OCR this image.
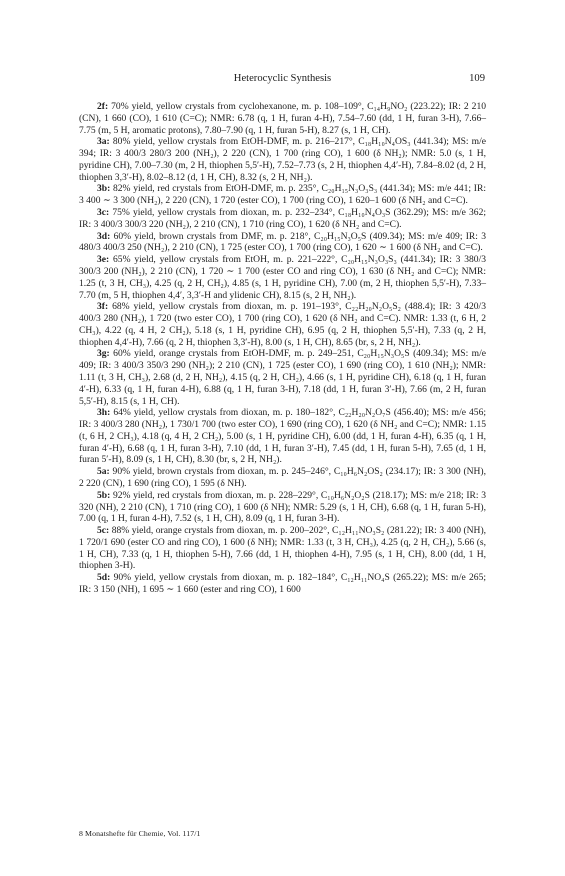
Heterocyclic Synthesis	109

2f: 70% yield, yellow crystals from cyclohexanone, m. p. 108–109°, C₁₄H₉NO₂ (223.22); IR: 2 210 (CN), 1 660 (CO), 1 610 (C=C); NMR: 6.78 (q, 1 H, furan 4-H), 7.54–7.60 (dd, 1 H, furan 3-H), 7.66–7.75 (m, 5 H, aromatic protons), 7.80–7.90 (q, 1 H, furan 5-H), 8.27 (s, 1 H, CH).

3a: 80% yield, yellow crystals from EtOH-DMF, m. p. 216–217°, C₁₈H₁₀N₄OS₃ (441.34); MS: m/e 394; IR: 3 400/3 280/3 200 (NH₂), 2 220 (CN), 1 700 (ring CO), 1 600 (δ NH₂); NMR: 5.0 (s, 1 H, pyridine CH), 7.00–7.30 (m, 2 H, thiophen 5,5′-H), 7.52–7.73 (s, 2 H, thiophen 4,4′-H), 7.84–8.02 (d, 2 H, thiophen 3,3′-H), 8.02–8.12 (d, 1 H, CH), 8.32 (s, 2 H, NH₂).

3b: 82% yield, red crystals from EtOH-DMF, m. p. 235°, C₂₀H₁₅N₃O₃S₃ (441.34); MS: m/e 441; IR: 3 400 ∼ 3 300 (NH₂), 2 220 (CN), 1 720 (ester CO), 1 700 (ring CO), 1 620–1 600 (δ NH₂ and C=C).

3c: 75% yield, yellow crystals from dioxan, m. p. 232–234°, C₁₈H₁₀N₄O₃S (362.29); MS: m/e 362; IR: 3 400/3 300/3 220 (NH₂), 2 210 (CN), 1 710 (ring CO), 1 620 (δ NH₂ and C=C).

3d: 60% yield, brown crystals from DMF, m. p. 218°, C₂₀H₁₅N₃O₅S (409.34); MS: m/e 409; IR: 3 480/3 400/3 250 (NH₂), 2 210 (CN), 1 725 (ester CO), 1 700 (ring CO), 1 620 ∼ 1 600 (δ NH₂ and C=C).

3e: 65% yield, yellow crystals from EtOH, m. p. 221–222°, C₂₀H₁₅N₃O₃S₃ (441.34); IR: 3 380/3 300/3 200 (NH₂), 2 210 (CN), 1 720 ∼ 1 700 (ester CO and ring CO), 1 630 (δ NH₂ and C=C); NMR: 1.25 (t, 3 H, CH₃), 4.25 (q, 2 H, CH₂), 4.85 (s, 1 H, pyridine CH), 7.00 (m, 2 H, thiophen 5,5′-H), 7.33–7.70 (m, 5 H, thiophen 4,4′, 3,3′-H and ylidenic CH), 8.15 (s, 2 H, NH₂).

3f: 68% yield, yellow crystals from dioxan, m. p. 191–193°, C₂₂H₂₀N₂O₅S₂ (488.4); IR: 3 420/3 400/3 280 (NH₂), 1 720 (two ester CO), 1 700 (ring CO), 1 620 (δ NH₂ and C=C). NMR: 1.33 (t, 6 H, 2 CH₃), 4.22 (q, 4 H, 2 CH₂), 5.18 (s, 1 H, pyridine CH), 6.95 (q, 2 H, thiophen 5,5′-H), 7.33 (q, 2 H, thiophen 4,4′-H), 7.66 (q, 2 H, thiophen 3,3′-H), 8.00 (s, 1 H, CH), 8.65 (br, s, 2 H, NH₂).

3g: 60% yield, orange crystals from EtOH-DMF, m. p. 249–251, C₂₀H₁₅N₃O₅S (409.34); MS: m/e 409; IR: 3 400/3 350/3 290 (NH₂); 2 210 (CN), 1 725 (ester CO), 1 690 (ring CO), 1 610 (NH₂); NMR: 1.11 (t, 3 H, CH₃), 2.68 (d, 2 H, NH₂), 4.15 (q, 2 H, CH₂), 4.66 (s, 1 H, pyridine CH), 6.18 (q, 1 H, furan 4′-H), 6.33 (q, 1 H, furan 4-H), 6.88 (q, 1 H, furan 3-H), 7.18 (dd, 1 H, furan 3′-H), 7.66 (m, 2 H, furan 5,5′-H), 8.15 (s, 1 H, CH).

3h: 64% yield, yellow crystals from dioxan, m. p. 180–182°, C₂₂H₂₀N₂O₇S (456.40); MS: m/e 456; IR: 3 400/3 280 (NH₂), 1 730/1 700 (two ester CO), 1 690 (ring CO), 1 620 (δ NH₂ and C=C); NMR: 1.15 (t, 6 H, 2 CH₃), 4.18 (q, 4 H, 2 CH₂), 5.00 (s, 1 H, pyridine CH), 6.00 (dd, 1 H, furan 4-H), 6.35 (q, 1 H, furan 4′-H), 6.68 (q, 1 H, furan 3-H), 7.10 (dd, 1 H, furan 3′-H), 7.45 (dd, 1 H, furan 5-H), 7.65 (d, 1 H, furan 5′-H), 8.09 (s, 1 H, CH), 8.30 (br, s, 2 H, NH₂).

5a: 90% yield, brown crystals from dioxan, m. p. 245–246°, C₁₀H₆N₂OS₂ (234.17); IR: 3 300 (NH), 2 220 (CN), 1 690 (ring CO), 1 595 (δ NH).

5b: 92% yield, red crystals from dioxan, m. p. 228–229°, C₁₀H₆N₂O₂S (218.17); MS: m/e 218; IR: 3 320 (NH), 2 210 (CN), 1 710 (ring CO), 1 600 (δ NH); NMR: 5.29 (s, 1 H, CH), 6.68 (q, 1 H, furan 5-H), 7.00 (q, 1 H, furan 4-H), 7.52 (s, 1 H, CH), 8.09 (q, 1 H, furan 3-H).

5c: 88% yield, orange crystals from dioxan, m. p. 200–202°, C₁₂H₁₁NO₃S₂ (281.22); IR: 3 400 (NH), 1 720/1 690 (ester CO and ring CO), 1 600 (δ NH); NMR: 1.33 (t, 3 H, CH₃), 4.25 (q, 2 H, CH₂), 5.66 (s, 1 H, CH), 7.33 (q, 1 H, thiophen 5-H), 7.66 (dd, 1 H, thiophen 4-H), 7.95 (s, 1 H, CH), 8.00 (dd, 1 H, thiophen 3-H).

5d: 90% yield, yellow crystals from dioxan, m. p. 182–184°, C₁₂H₁₁NO₄S (265.22); MS: m/e 265; IR: 3 150 (NH), 1 695 ∼ 1 660 (ester and ring CO), 1 600

8 Monatshefte für Chemie, Vol. 117/1
